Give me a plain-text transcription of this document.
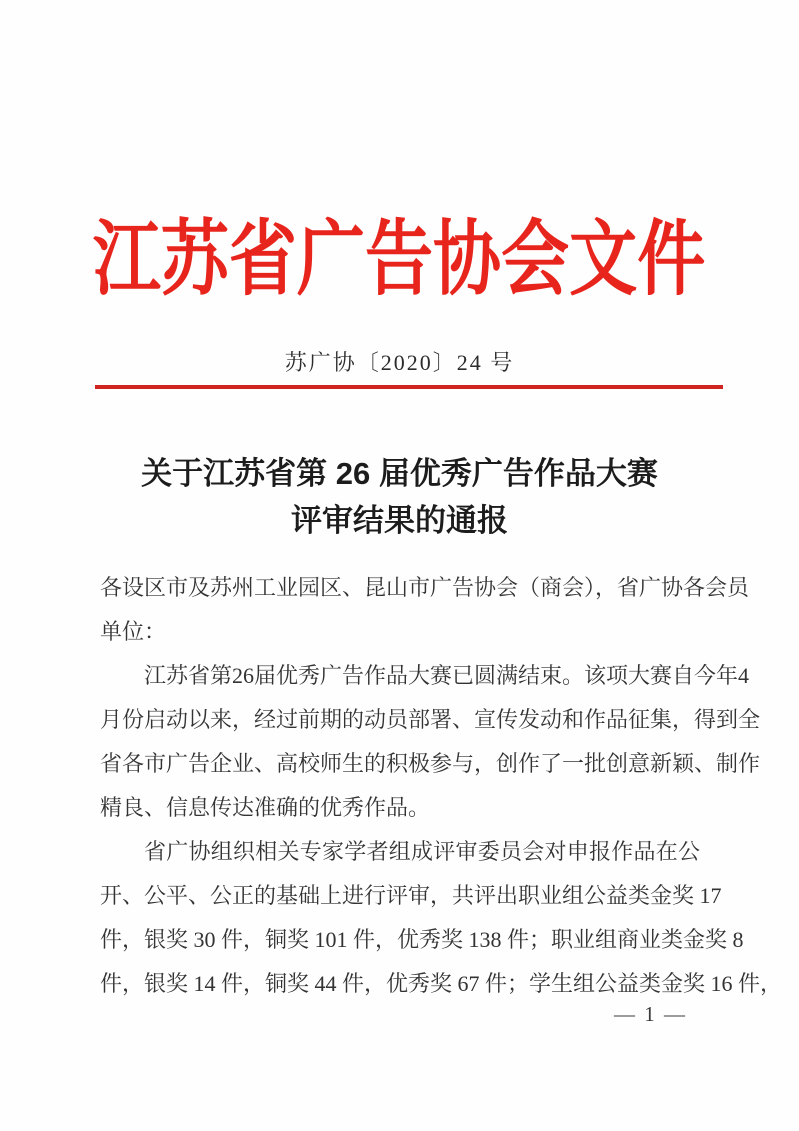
江苏省广告协会文件
苏广协〔2020〕24 号
关于江苏省第 26 届优秀广告作品大赛
评审结果的通报
各设区市及苏州工业园区、昆山市广告协会（商会），省广协各会员
单位：
江苏省第26届优秀广告作品大赛已圆满结束。该项大赛自今年4
月份启动以来，经过前期的动员部署、宣传发动和作品征集，得到全
省各市广告企业、高校师生的积极参与，创作了一批创意新颖、制作
精良、信息传达准确的优秀作品。
省广协组织相关专家学者组成评审委员会对申报作品在公
开、公平、公正的基础上进行评审，共评出职业组公益类金奖 17
件，银奖 30 件，铜奖 101 件，优秀奖 138 件；职业组商业类金奖 8
件，银奖 14 件，铜奖 44 件，优秀奖 67 件；学生组公益类金奖 16 件，
— 1 —
